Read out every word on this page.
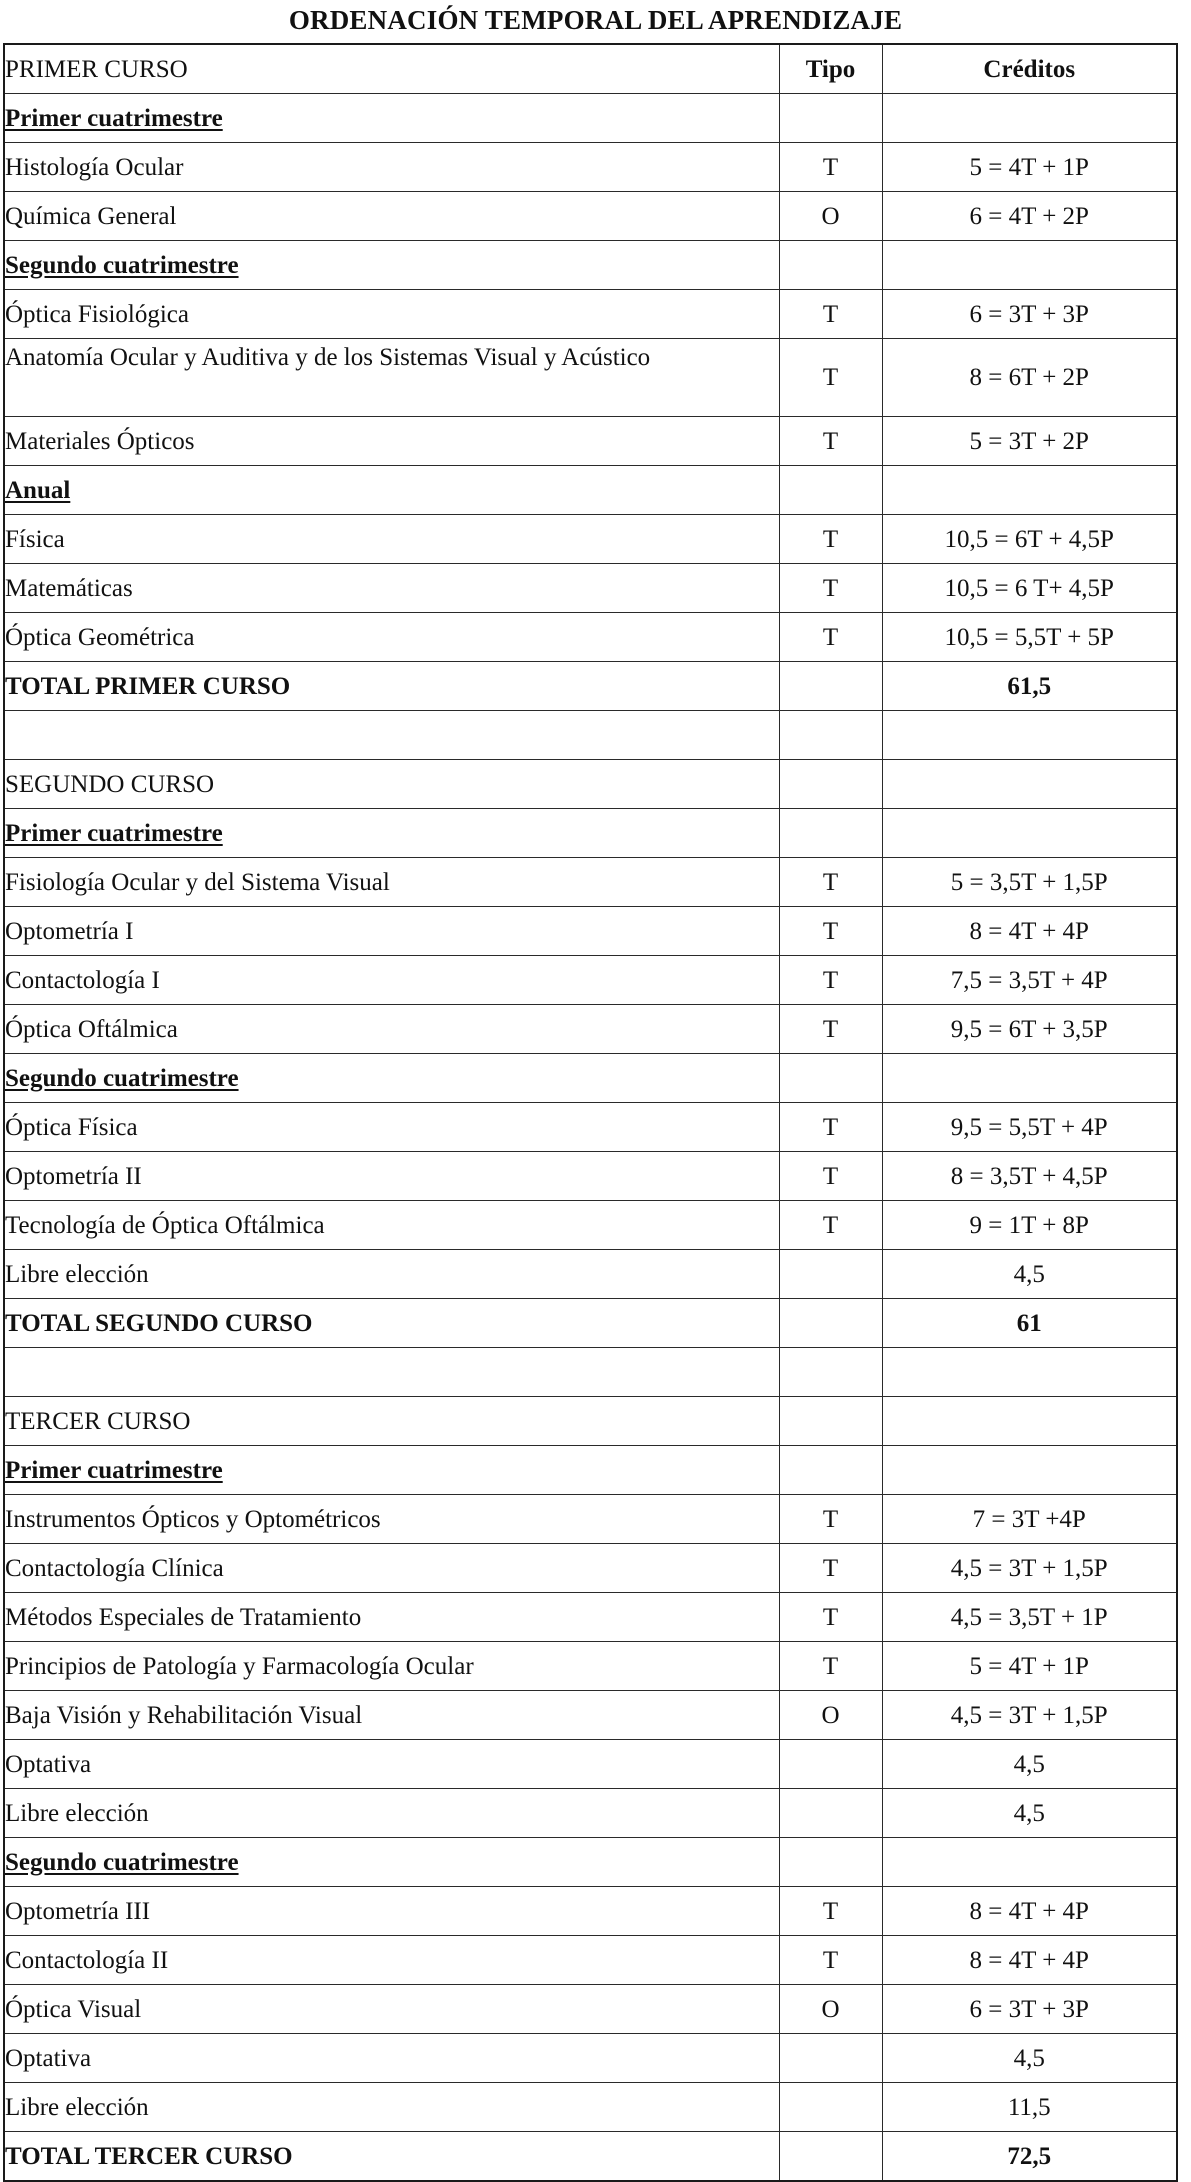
ORDENACIÓN TEMPORAL DEL APRENDIZAJE
PRIMER CURSO	Tipo	Créditos
Primer cuatrimestre		
Histología Ocular	T	5 = 4T + 1P
Química General	O	6 = 4T + 2P
Segundo cuatrimestre		
Óptica Fisiológica	T	6 = 3T + 3P
Anatomía Ocular y Auditiva y de los Sistemas Visual y Acústico	T	8 = 6T + 2P
Materiales Ópticos	T	5 = 3T + 2P
Anual		
Física	T	10,5 = 6T + 4,5P
Matemáticas	T	10,5 = 6 T+ 4,5P
Óptica Geométrica	T	10,5 = 5,5T + 5P
TOTAL PRIMER CURSO		61,5

SEGUNDO CURSO		
Primer cuatrimestre		
Fisiología Ocular y del Sistema Visual	T	5 = 3,5T + 1,5P
Optometría I	T	8 = 4T + 4P
Contactología I	T	7,5 = 3,5T + 4P
Óptica Oftálmica	T	9,5 = 6T + 3,5P
Segundo cuatrimestre		
Óptica Física	T	9,5 = 5,5T + 4P
Optometría II	T	8 = 3,5T + 4,5P
Tecnología de Óptica Oftálmica	T	9 = 1T + 8P
Libre elección		4,5
TOTAL SEGUNDO CURSO		61

TERCER CURSO		
Primer cuatrimestre		
Instrumentos Ópticos y Optométricos	T	7 = 3T +4P
Contactología Clínica	T	4,5 = 3T + 1,5P
Métodos Especiales de Tratamiento	T	4,5 = 3,5T + 1P
Principios de Patología y Farmacología Ocular	T	5 = 4T + 1P
Baja Visión y Rehabilitación Visual	O	4,5 = 3T + 1,5P
Optativa		4,5
Libre elección		4,5
Segundo cuatrimestre		
Optometría III	T	8 = 4T + 4P
Contactología II	T	8 = 4T + 4P
Óptica Visual	O	6 = 3T + 3P
Optativa		4,5
Libre elección		11,5
TOTAL TERCER CURSO		72,5
